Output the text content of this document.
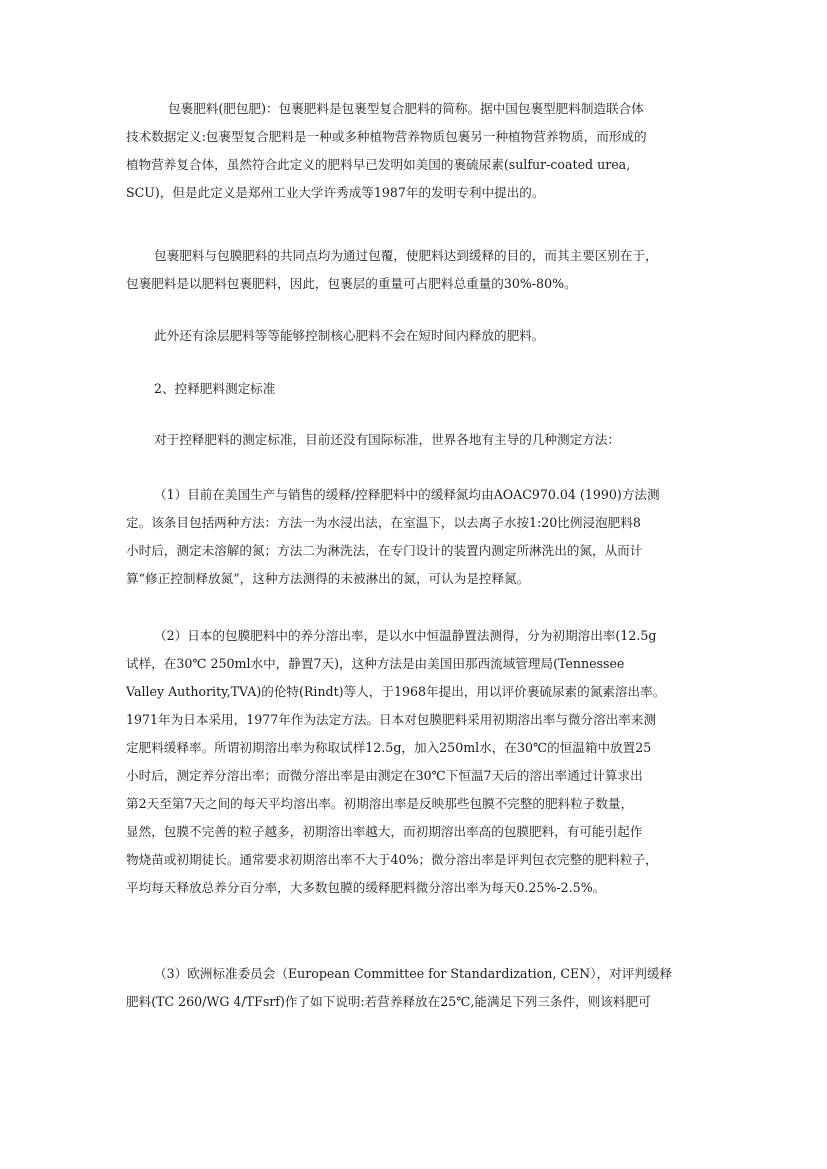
包裹肥料(肥包肥)：包裹肥料是包裹型复合肥料的简称。据中国包裹型肥料制造联合体
技术数据定义:包裹型复合肥料是一种或多种植物营养物质包裹另一种植物营养物质，而形成的
植物营养复合体，虽然符合此定义的肥料早已发明如美国的裹硫尿素(sulfur-coated urea,
SCU)，但是此定义是郑州工业大学许秀成等1987年的发明专利中提出的。
包裹肥料与包膜肥料的共同点均为通过包覆，使肥料达到缓释的目的，而其主要区别在于，
包裹肥料是以肥料包裹肥料，因此，包裹层的重量可占肥料总重量的30%-80%。
此外还有涂层肥料等等能够控制核心肥料不会在短时间内释放的肥料。
2、控释肥料测定标准
对于控释肥料的测定标准，目前还没有国际标准，世界各地有主导的几种测定方法：
（1）目前在美国生产与销售的缓释/控释肥料中的缓释氮均由AOAC970.04 (1990)方法测
定。该条目包括两种方法：方法一为水浸出法，在室温下，以去离子水按1:20比例浸泡肥料8
小时后，测定未溶解的氮；方法二为淋洗法，在专门设计的装置内测定所淋洗出的氮，从而计
算“修正控制释放氮”，这种方法测得的未被淋出的氮，可认为是控释氮。
（2）日本的包膜肥料中的养分溶出率，是以水中恒温静置法测得，分为初期溶出率(12.5g
试样，在30℃ 250ml水中，静置7天)，这种方法是由美国田那西流域管理局(Tennessee
Valley Authority,TVA)的伦特(Rindt)等人，于1968年提出，用以评价裹硫尿素的氮素溶出率。
1971年为日本采用，1977年作为法定方法。日本对包膜肥料采用初期溶出率与微分溶出率来测
定肥料缓释率。所谓初期溶出率为称取试样12.5g，加入250ml水，在30℃的恒温箱中放置25
小时后，测定养分溶出率；而微分溶出率是由测定在30℃下恒温7天后的溶出率通过计算求出
第2天至第7天之间的每天平均溶出率。初期溶出率是反映那些包膜不完整的肥料粒子数量，
显然，包膜不完善的粒子越多，初期溶出率越大，而初期溶出率高的包膜肥料，有可能引起作
物烧苗或初期徒长。通常要求初期溶出率不大于40%；微分溶出率是评判包衣完整的肥料粒子，
平均每天释放总养分百分率，大多数包膜的缓释肥料微分溶出率为每天0.25%-2.5%。
（3）欧洲标准委员会（European Committee for Standardization, CEN），对评判缓释
肥料(TC 260/WG 4/TFsrf)作了如下说明:若营养释放在25℃,能满足下列三条件，则该料肥可
